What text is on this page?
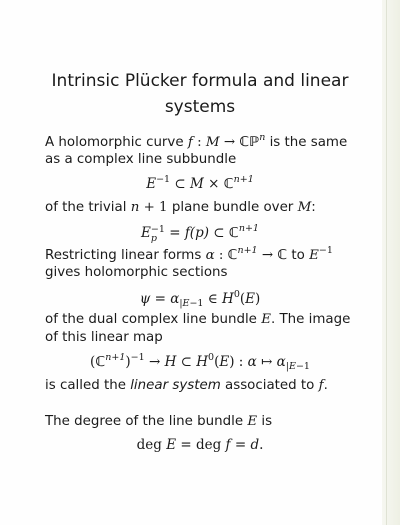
Intrinsic Plücker formula and linear
systems
A holomorphic curve f : M → ℂℙ$^n$ is the same
as a complex line subbundle
$E^{-1}$ ⊂ M × ℂ$^{n+1}$
of the trivial n + 1 plane bundle over M:
E −1
p = f(p) ⊂ ℂ$^{n+1}$
Restricting linear forms α : ℂ$^{n+1}$ → ℂ to $E^{-1}$
gives holomorphic sections
$\psi = \alpha_{|E-1}$ ∈ $H^0(E)$
of the dual complex line bundle E. The image
of this linear map
(ℂ$^{n+1}$)$^{-1}$ → H ⊂ $H^0(E)$ : α ↦ $\alpha_{|E-1}$
is called the linear system associated to f.
The degree of the line bundle E is
deg E = deg f = d.
